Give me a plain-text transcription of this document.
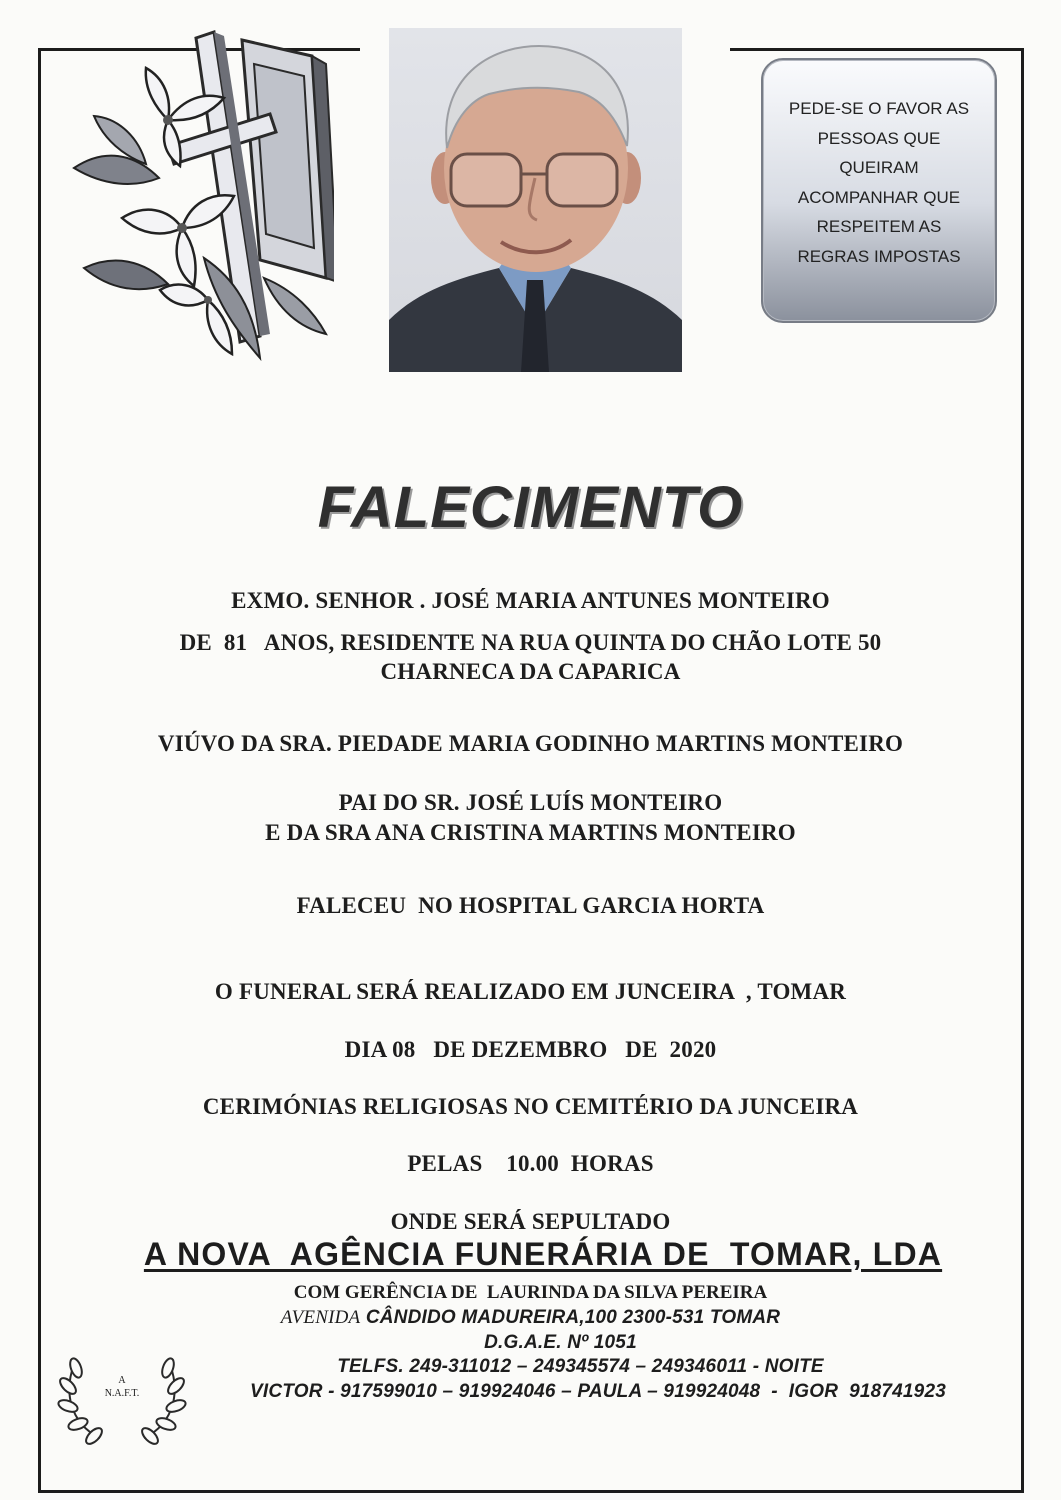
PEDE-SE O FAVOR AS
PESSOAS QUE
QUEIRAM
ACOMPANHAR QUE
RESPEITEM AS
REGRAS IMPOSTAS
FALECIMENTO
EXMO. SENHOR . JOSÉ MARIA ANTUNES MONTEIRO
DE  81   ANOS, RESIDENTE NA RUA QUINTA DO CHÃO LOTE 50
CHARNECA DA CAPARICA
VIÚVO DA SRA. PIEDADE MARIA GODINHO MARTINS MONTEIRO
PAI DO SR. JOSÉ LUÍS MONTEIRO
E DA SRA ANA CRISTINA MARTINS MONTEIRO
FALECEU  NO HOSPITAL GARCIA HORTA
O FUNERAL SERÁ REALIZADO EM JUNCEIRA  , TOMAR
DIA 08   DE DEZEMBRO   DE  2020
CERIMÓNIAS RELIGIOSAS NO CEMITÉRIO DA JUNCEIRA
PELAS    10.00  HORAS
ONDE SERÁ SEPULTADO
A NOVA  AGÊNCIA FUNERÁRIA DE  TOMAR, LDA
COM GERÊNCIA DE  LAURINDA DA SILVA PEREIRA
AVENIDA CÂNDIDO MADUREIRA,100 2300-531 TOMAR
D.G.A.E. Nº 1051
TELFS. 249-311012 – 249345574 – 249346011 - NOITE
VICTOR - 917599010 – 919924046 – PAULA – 919924048  -  IGOR  918741923
A
N.A.F.T.
